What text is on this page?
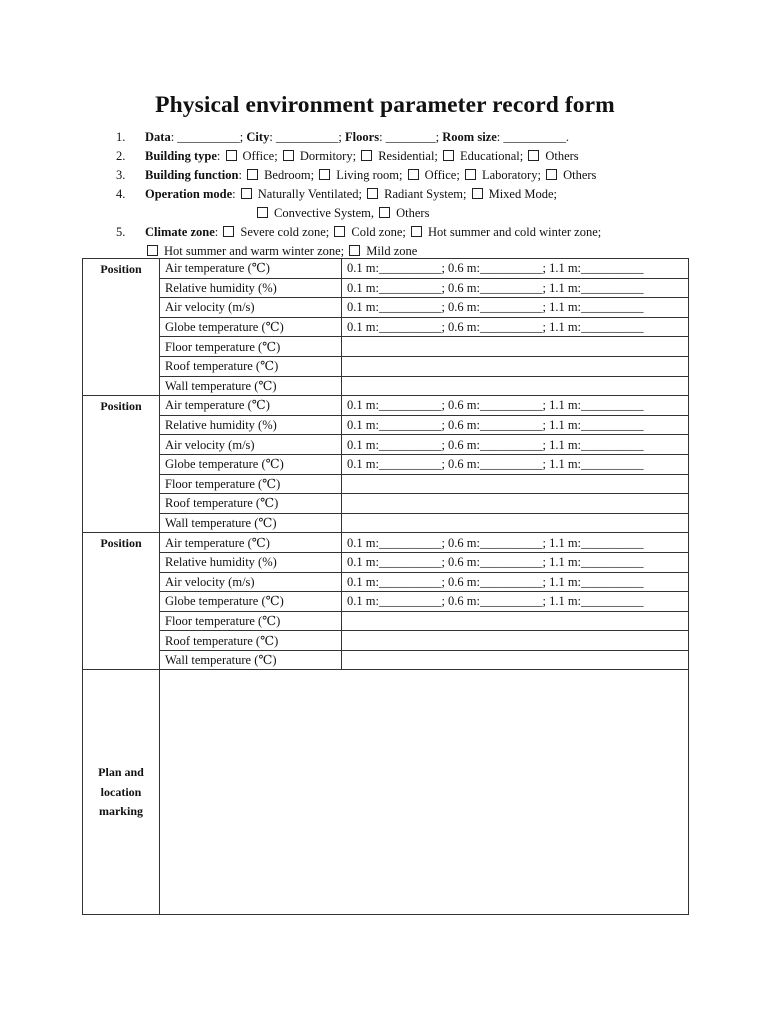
Physical environment parameter record form
1. Data: __________; City: __________; Floors: ________; Room size: __________.
2. Building type: Office; Dormitory; Residential; Educational; Others
3. Building function: Bedroom; Living room; Office; Laboratory; Others
4. Operation mode: Naturally Ventilated; Radiant System; Mixed Mode;
Convective System, Others
5. Climate zone: Severe cold zone; Cold zone; Hot summer and cold winter zone;
Hot summer and warm winter zone; Mild zone
Position	Air temperature (℃)	0.1 m:__________; 0.6 m:__________; 1.1 m:__________
	Relative humidity (%)	0.1 m:__________; 0.6 m:__________; 1.1 m:__________
	Air velocity (m/s)	0.1 m:__________; 0.6 m:__________; 1.1 m:__________
	Globe temperature (℃)	0.1 m:__________; 0.6 m:__________; 1.1 m:__________
	Floor temperature (℃)	
	Roof temperature (℃)	
	Wall temperature (℃)	
Position	Air temperature (℃)	0.1 m:__________; 0.6 m:__________; 1.1 m:__________
	Relative humidity (%)	0.1 m:__________; 0.6 m:__________; 1.1 m:__________
	Air velocity (m/s)	0.1 m:__________; 0.6 m:__________; 1.1 m:__________
	Globe temperature (℃)	0.1 m:__________; 0.6 m:__________; 1.1 m:__________
	Floor temperature (℃)	
	Roof temperature (℃)	
	Wall temperature (℃)	
Position	Air temperature (℃)	0.1 m:__________; 0.6 m:__________; 1.1 m:__________
	Relative humidity (%)	0.1 m:__________; 0.6 m:__________; 1.1 m:__________
	Air velocity (m/s)	0.1 m:__________; 0.6 m:__________; 1.1 m:__________
	Globe temperature (℃)	0.1 m:__________; 0.6 m:__________; 1.1 m:__________
	Floor temperature (℃)	
	Roof temperature (℃)	
	Wall temperature (℃)	
Plan and location marking		
